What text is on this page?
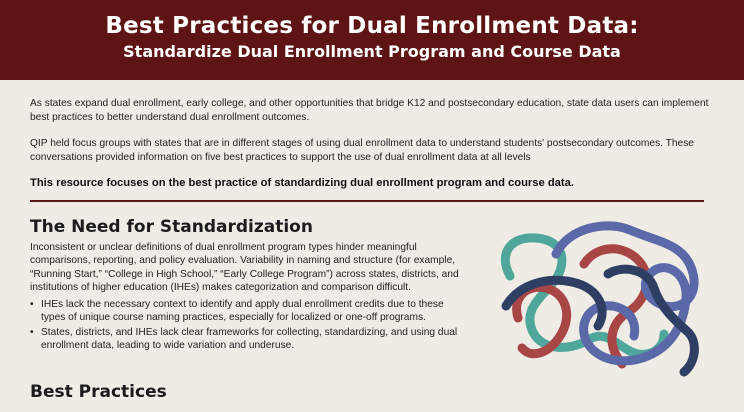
Best Practices for Dual Enrollment Data:
Standardize Dual Enrollment Program and Course Data

As states expand dual enrollment, early college, and other opportunities that bridge K12 and postsecondary education, state data users can implement best practices to better understand dual enrollment outcomes.

QIP held focus groups with states that are in different stages of using dual enrollment data to understand students' postsecondary outcomes. These conversations provided information on five best practices to support the use of dual enrollment data at all levels

This resource focuses on the best practice of standardizing dual enrollment program and course data.

The Need for Standardization

Inconsistent or unclear definitions of dual enrollment program types hinder meaningful comparisons, reporting, and policy evaluation. Variability in naming and structure (for example, “Running Start,” “College in High School,” “Early College Program”) across states, districts, and institutions of higher education (IHEs) makes categorization and comparison difficult.

• IHEs lack the necessary context to identify and apply dual enrollment credits due to these types of unique course naming practices, especially for localized or one-off programs.
• States, districts, and IHEs lack clear frameworks for collecting, standardizing, and using dual enrollment data, leading to wide variation and underuse.
Best Practices
